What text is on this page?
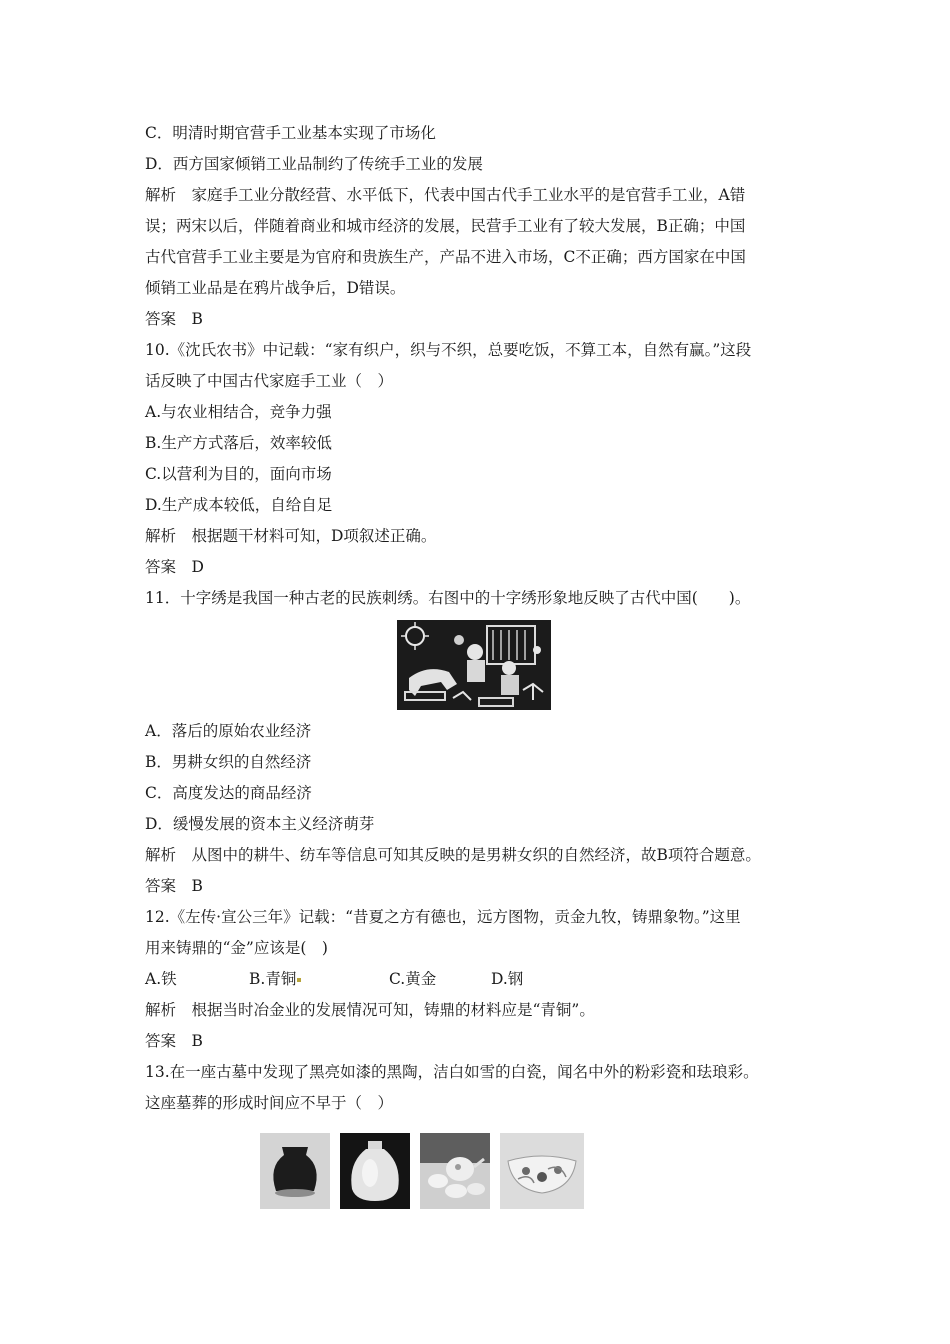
C．明清时期官营手工业基本实现了市场化
D．西方国家倾销工业品制约了传统手工业的发展
解析　家庭手工业分散经营、水平低下，代表中国古代手工业水平的是官营手工业，A错
误；两宋以后，伴随着商业和城市经济的发展，民营手工业有了较大发展，B正确；中国
古代官营手工业主要是为官府和贵族生产，产品不进入市场，C不正确；西方国家在中国
倾销工业品是在鸦片战争后，D错误。
答案　B
10.《沈氏农书》中记载：“家有织户，织与不织，总要吃饭，不算工本，自然有赢。”这段
话反映了中国古代家庭手工业（　）
A.与农业相结合，竞争力强
B.生产方式落后，效率较低
C.以营利为目的，面向市场
D.生产成本较低，自给自足
解析　根据题干材料可知，D项叙述正确。
答案　D
11．十字绣是我国一种古老的民族刺绣。右图中的十字绣形象地反映了古代中国(　　)。
A．落后的原始农业经济
B．男耕女织的自然经济
C．高度发达的商品经济
D．缓慢发展的资本主义经济萌芽
解析　从图中的耕牛、纺车等信息可知其反映的是男耕女织的自然经济，故B项符合题意。
答案　B
12.《左传·宣公三年》记载：“昔夏之方有德也，远方图物，贡金九牧，铸鼎象物。”这里
用来铸鼎的“金”应该是(　)
A.铁	B.青铜	C.黄金	D.钢
解析　根据当时冶金业的发展情况可知，铸鼎的材料应是“青铜”。
答案　B
13.在一座古墓中发现了黑亮如漆的黑陶，洁白如雪的白瓷，闻名中外的粉彩瓷和珐琅彩。
这座墓葬的形成时间应不早于（　）
